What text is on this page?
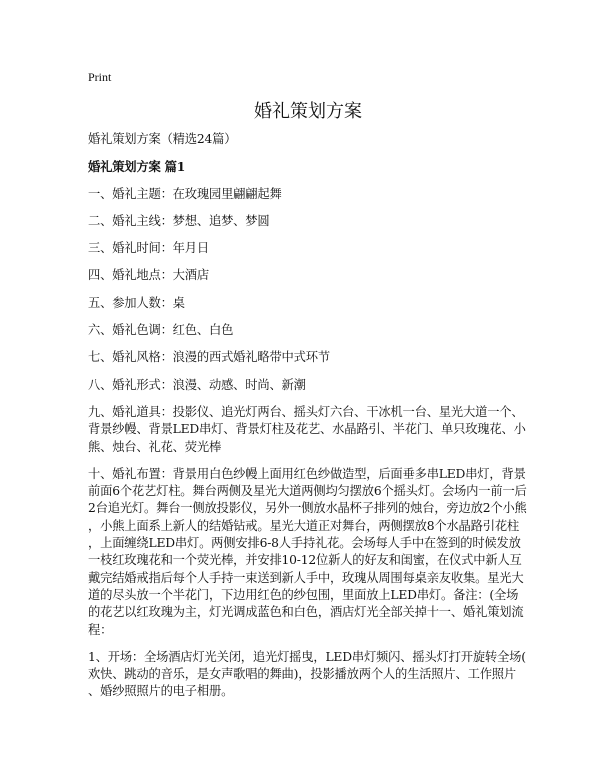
Print
婚礼策划方案
婚礼策划方案（精选24篇）
婚礼策划方案 篇1
一、婚礼主题：在玫瑰园里翩翩起舞
二、婚礼主线：梦想、追梦、梦圆
三、婚礼时间：年月日
四、婚礼地点：大酒店
五、参加人数：桌
六、婚礼色调：红色、白色
七、婚礼风格：浪漫的西式婚礼略带中式环节
八、婚礼形式：浪漫、动感、时尚、新潮
九、婚礼道具：投影仪、追光灯两台、摇头灯六台、干冰机一台、星光大道一个、
背景纱幔、背景LED串灯、背景灯柱及花艺、水晶路引、半花门、单只玫瑰花、小
熊、烛台、礼花、荧光棒
十、婚礼布置：背景用白色纱幔上面用红色纱做造型，后面垂多串LED串灯，背景
前面6个花艺灯柱。舞台两侧及星光大道两侧均匀摆放6个摇头灯。会场内一前一后
2台追光灯。舞台一侧放投影仪，另外一侧放水晶杯子排列的烛台，旁边放2个小熊
，小熊上面系上新人的结婚钻戒。星光大道正对舞台，两侧摆放8个水晶路引花柱
，上面缠绕LED串灯。两侧安排6-8人手持礼花。会场每人手中在签到的时候发放
一枝红玫瑰花和一个荧光棒，并安排10-12位新人的好友和闺蜜，在仪式中新人互
戴完结婚戒指后每个人手持一束送到新人手中，玫瑰从周围每桌亲友收集。星光大
道的尽头放一个半花门，下边用红色的纱包围，里面放上LED串灯。备注：(全场
的花艺以红玫瑰为主，灯光调成蓝色和白色，酒店灯光全部关掉十一、婚礼策划流
程：
1、开场：全场酒店灯光关闭，追光灯摇曳，LED串灯频闪、摇头灯打开旋转全场(
欢快、跳动的音乐，是女声歌唱的舞曲)，投影播放两个人的生活照片、工作照片
、婚纱照照片的电子相册。
